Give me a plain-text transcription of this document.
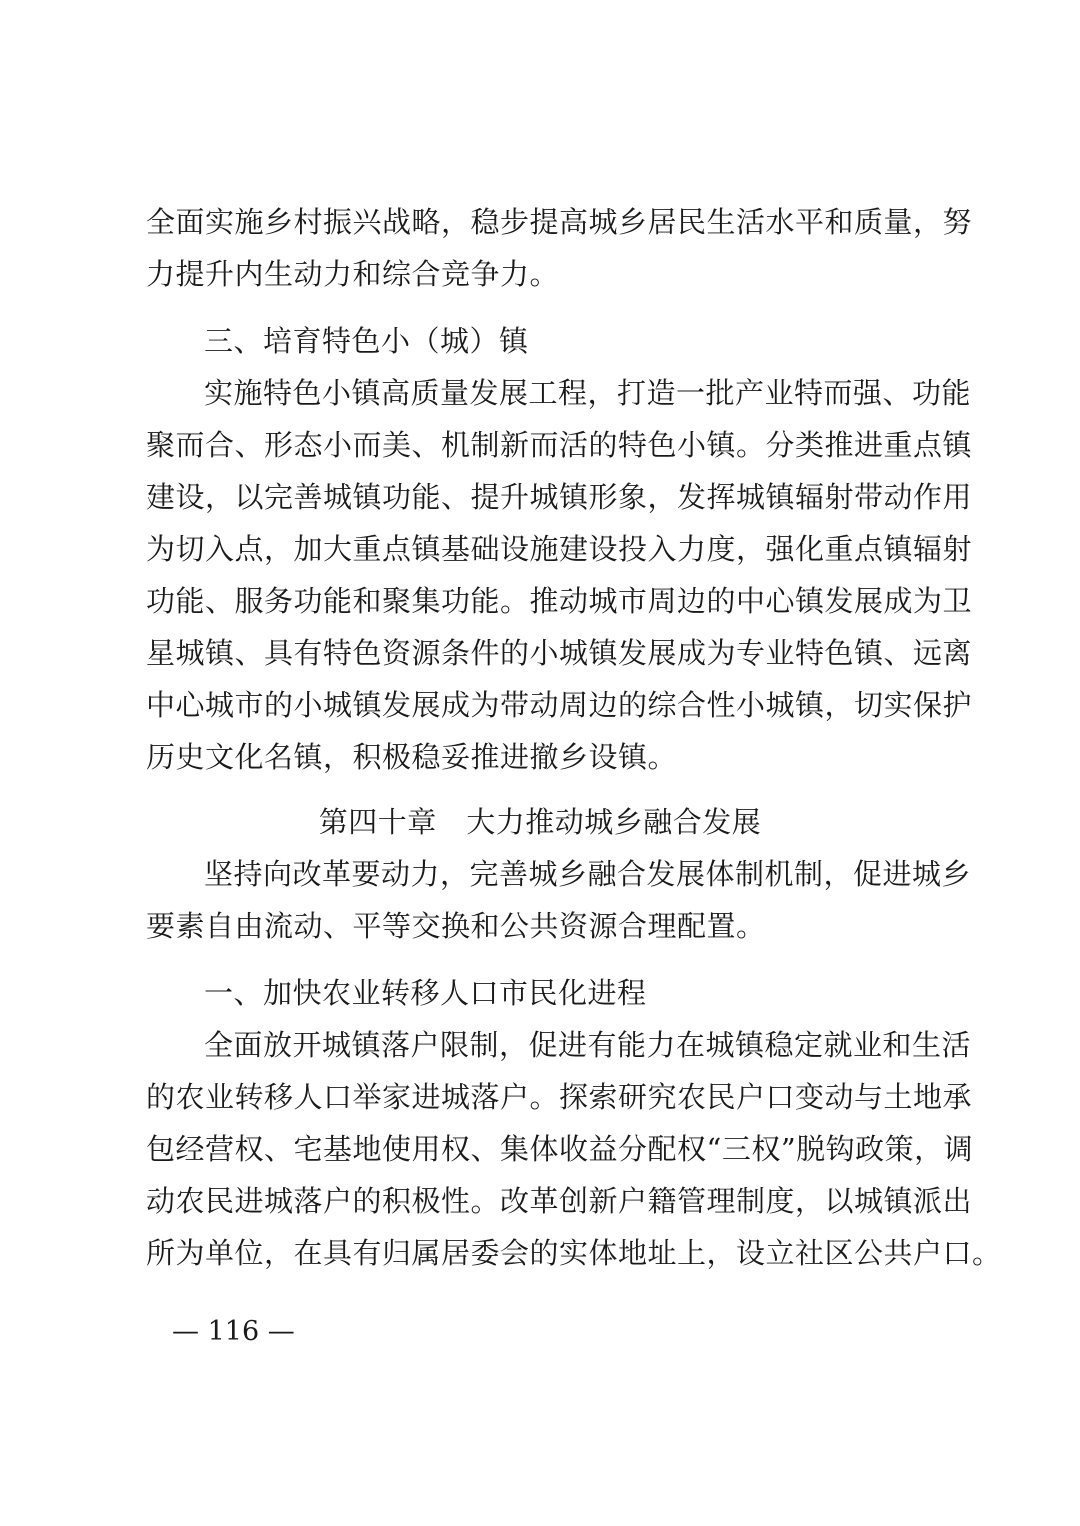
全面实施乡村振兴战略，稳步提高城乡居民生活水平和质量，努
力提升内生动力和综合竞争力。
三、培育特色小（城）镇
实施特色小镇高质量发展工程，打造一批产业特而强、功能
聚而合、形态小而美、机制新而活的特色小镇。分类推进重点镇
建设，以完善城镇功能、提升城镇形象，发挥城镇辐射带动作用
为切入点，加大重点镇基础设施建设投入力度，强化重点镇辐射
功能、服务功能和聚集功能。推动城市周边的中心镇发展成为卫
星城镇、具有特色资源条件的小城镇发展成为专业特色镇、远离
中心城市的小城镇发展成为带动周边的综合性小城镇，切实保护
历史文化名镇，积极稳妥推进撤乡设镇。
第四十章　大力推动城乡融合发展
坚持向改革要动力，完善城乡融合发展体制机制，促进城乡
要素自由流动、平等交换和公共资源合理配置。
一、加快农业转移人口市民化进程
全面放开城镇落户限制，促进有能力在城镇稳定就业和生活
的农业转移人口举家进城落户。探索研究农民户口变动与土地承
包经营权、宅基地使用权、集体收益分配权“三权”脱钩政策，调
动农民进城落户的积极性。改革创新户籍管理制度，以城镇派出
所为单位，在具有归属居委会的实体地址上，设立社区公共户口。
— 116 —
